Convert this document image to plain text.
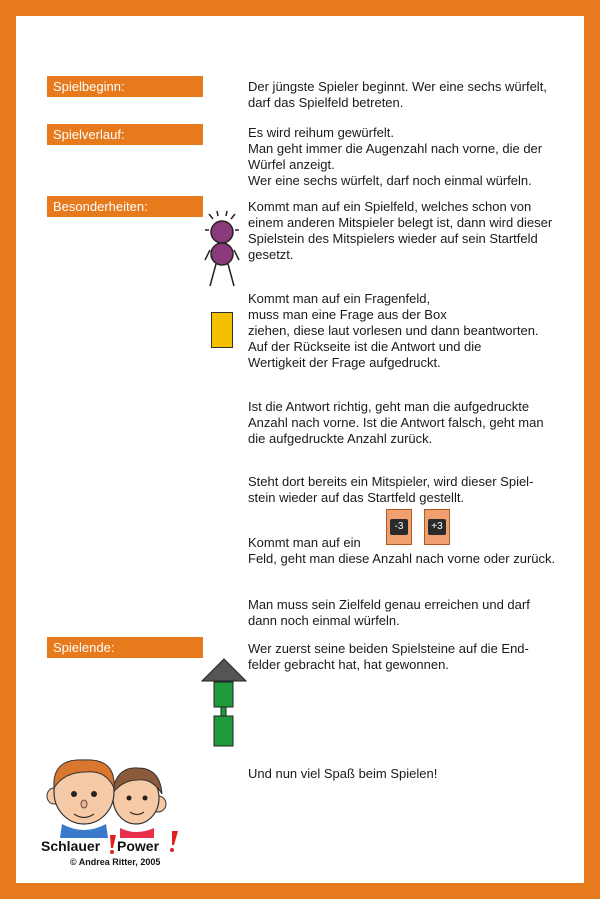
Spielbeginn:	Der jüngste Spieler beginnt. Wer eine sechs würfelt,
darf das Spielfeld betreten.
Spielverlauf:	Es wird reihum gewürfelt.
Man geht immer die Augenzahl nach vorne, die der
Würfel anzeigt.
Wer eine sechs würfelt, darf noch einmal würfeln.
Besonderheiten:	Kommt man auf ein Spielfeld, welches schon von
einem anderen Mitspieler belegt ist, dann wird dieser
Spielstein des Mitspielers wieder auf sein Startfeld
gesetzt.
Kommt man auf ein Fragenfeld,
muss man eine Frage aus der Box
ziehen, diese laut vorlesen und dann beantworten.
Auf der Rückseite ist die Antwort und die
Wertigkeit der Frage aufgedruckt.
Ist die Antwort richtig, geht man die aufgedruckte
Anzahl nach vorne. Ist die Antwort falsch, geht man
die aufgedruckte Anzahl zurück.
Steht dort bereits ein Mitspieler, wird dieser Spiel-
stein wieder auf das Startfeld gestellt.
-3	+3
Kommt man auf ein
Feld, geht man diese Anzahl nach vorne oder zurück.
Man muss sein Zielfeld genau erreichen und darf
dann noch einmal würfeln.
Spielende:	Wer zuerst seine beiden Spielsteine auf die End-
felder gebracht hat, hat gewonnen.
Und nun viel Spaß beim Spielen!
Schlauer Power
© Andrea Ritter, 2005
